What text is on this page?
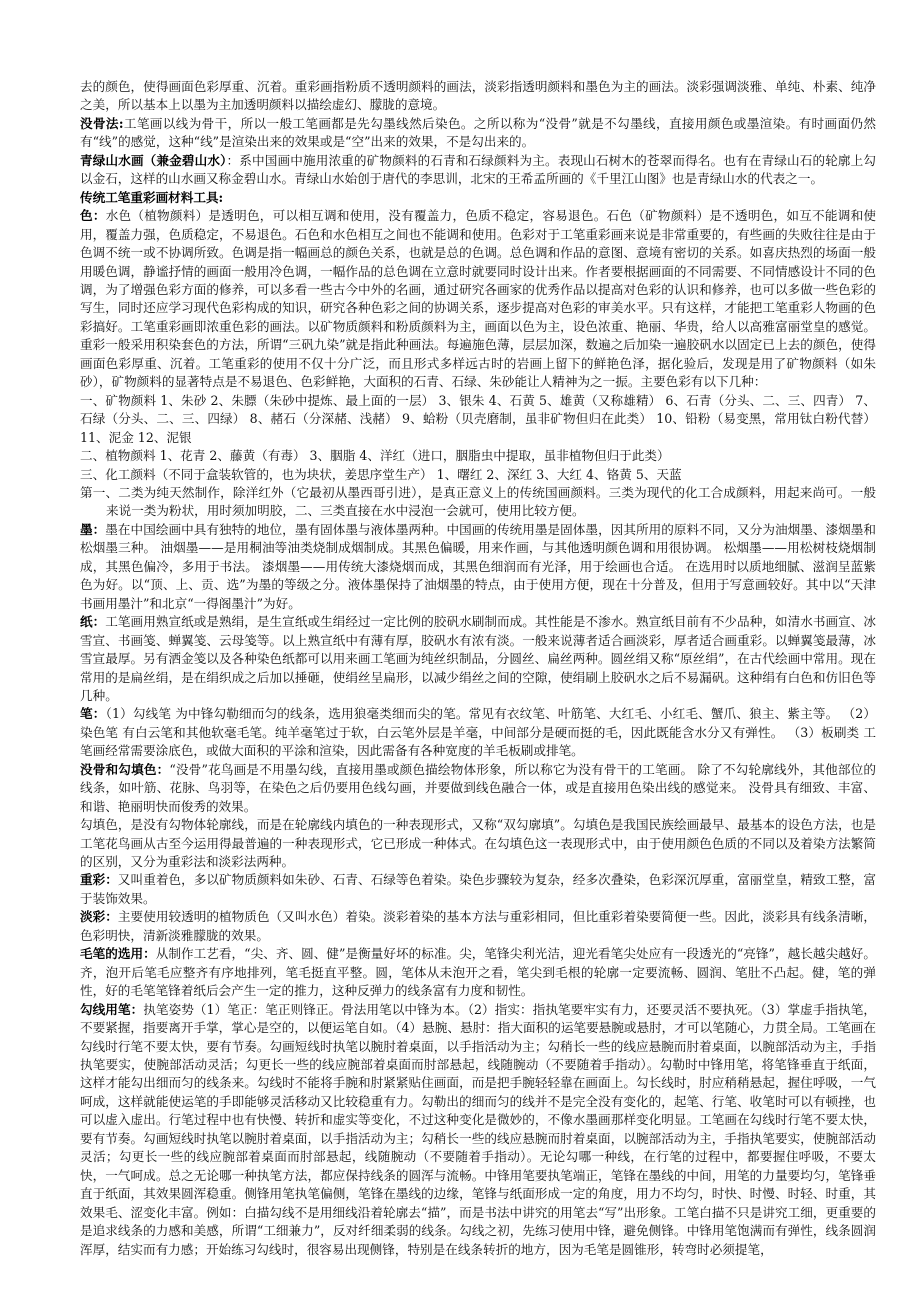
去的颜色，使得画面色彩厚重、沉着。重彩画指粉质不透明颜料的画法，淡彩指透明颜料和墨色为主的画法。淡彩强调淡雅、单纯、朴素、纯净之美，所以基本上以墨为主加透明颜料以描绘虚幻、朦胧的意境。

没骨法:工笔画以线为骨干，所以一般工笔画都是先勾墨线然后染色。之所以称为“没骨”就是不勾墨线，直接用颜色或墨渲染。有时画面仍然有“线”的感觉，这种“线”是渲染出来的效果或是“空”出来的效果，不是勾出来的。

青绿山水画（兼金碧山水）：系中国画中施用浓重的矿物颜料的石青和石绿颜料为主。表现山石树木的苍翠而得名。也有在青绿山石的轮廓上勾以金石，这样的山水画又称金碧山水。青绿山水始创于唐代的李思训，北宋的王希孟所画的《千里江山图》也是青绿山水的代表之一。

传统工笔重彩画材料工具:

色：水色（植物颜料）是透明色，可以相互调和使用，没有覆盖力，色质不稳定，容易退色。石色（矿物颜料）是不透明色，如互不能调和使用，覆盖力强，色质稳定，不易退色。石色和水色相互之间也不能调和使用。色彩对于工笔重彩画来说是非常重要的，有些画的失败往往是由于色调不统一或不协调所致。色调是指一幅画总的颜色关系，也就是总的色调。总色调和作品的意图、意境有密切的关系。如喜庆热烈的场面一般用暖色调，静谧抒情的画面一般用冷色调，一幅作品的总色调在立意时就要同时设计出来。作者要根据画面的不同需要、不同情感设计不同的色调，为了增强色彩方面的修养，可以多看一些古今中外的名画，通过研究各画家的优秀作品以提高对色彩的认识和修养，也可以多做一些色彩的写生，同时还应学习现代色彩构成的知识，研究各种色彩之间的协调关系，逐步提高对色彩的审美水平。只有这样，才能把工笔重彩人物画的色彩搞好。工笔重彩画即浓重色彩的画法。以矿物质颜料和粉质颜料为主，画面以色为主，设色浓重、艳丽、华贵，给人以高雅富丽堂皇的感觉。重彩一般采用积染套色的方法，所谓“三矾九染”就是指此种画法。每遍施色薄，层层加深，数遍之后加染一遍胶矾水以固定已上去的颜色，使得画面色彩厚重、沉着。工笔重彩的使用不仅十分广泛，而且形式多样远古时的岩画上留下的鲜艳色泽，据化验后，发现是用了矿物颜料（如朱砂），矿物颜料的显著特点是不易退色、色彩鲜艳，大面积的石青、石绿、朱砂能让人精神为之一振。主要色彩有以下几种：

一、矿物颜料 1、朱砂 2、朱膘（朱砂中提炼、最上面的一层） 3、银朱 4、石黄 5、雄黄（又称雄精） 6、石青（分头、二、三、四青） 7、石绿（分头、二、三、四绿） 8、赭石（分深赭、浅赭） 9、蛤粉（贝壳磨制，虽非矿物但归在此类） 10、铅粉（易变黑，常用钛白粉代替） 11、泥金 12、泥银

二、植物颜料 1、花青 2、藤黄（有毒） 3、胭脂 4、洋红（进口，胭脂虫中提取，虽非植物但归于此类）

三、化工颜料（不同于盒装软管的，也为块状，姜思序堂生产） 1、曙红 2、深红 3、大红 4、铬黄 5、天蓝

第一、二类为纯天然制作，除洋红外（它最初从墨西哥引进），是真正意义上的传统国画颜料。三类为现代的化工合成颜料，用起来尚可。一般来说一类为粉状，用时须加明胶，二、三类直接在水中浸泡一会就可，使用比较方便。

墨：墨在中国绘画中具有独特的地位，墨有固体墨与液体墨两种。中国画的传统用墨是固体墨，因其所用的原料不同，又分为油烟墨、漆烟墨和松烟墨三种。 油烟墨——是用桐油等油类烧制成烟制成。其黑色偏暖，用来作画，与其他透明颜色调和用很协调。 松烟墨——用松树枝烧烟制成，其黑色偏冷，多用于书法。 漆烟墨——用传统大漆烧烟而成，其黑色细润而有光泽，用于绘画也合适。 在选用时以质地细腻、滋润呈蓝紫色为好。以“顶、上、贡、选”为墨的等级之分。液体墨保持了油烟墨的特点，由于使用方便，现在十分普及，但用于写意画较好。其中以“天津书画用墨汁”和北京“一得阁墨汁”为好。

纸：工笔画用熟宣纸或是熟绢，是生宣纸或生绢经过一定比例的胶矾水刷制而成。其性能是不渗水。熟宣纸目前有不少品种，如清水书画宣、冰雪宣、书画笺、蝉翼笺、云母笺等。以上熟宣纸中有薄有厚，胶矾水有浓有淡。一般来说薄者适合画淡彩，厚者适合画重彩。以蝉翼笺最薄，冰雪宣最厚。另有洒金笺以及各种染色纸都可以用来画工笔画为纯丝织制品，分圆丝、扁丝两种。圆丝绢又称“原丝绢”，在古代绘画中常用。现在常用的是扁丝绢，是在绢织成之后加以捶砸，使绢丝呈扁形，以减少绢丝之间的空隙，使绢刷上胶矾水之后不易漏矾。这种绢有白色和仿旧色等几种。

笔：（1）勾线笔 为中锋勾勒细而匀的线条，选用狼毫类细而尖的笔。常见有衣纹笔、叶筋笔、大红毛、小红毛、蟹爪、狼主、紫主等。 （2）染色笔 有白云笔和其他软毫毛笔。纯羊毫笔过于软，白云笔外层是羊毫，中间部分是硬而挺的毛，因此既能含水分又有弹性。 （3）板刷类 工笔画经常需要涂底色，或做大面积的平涂和渲染，因此需备有各种宽度的羊毛板刷或排笔。

没骨和勾填色：“没骨”花鸟画是不用墨勾线，直接用墨或颜色描绘物体形象，所以称它为没有骨干的工笔画。 除了不勾轮廓线外，其他部位的线条，如叶筋、花脉、鸟羽等，在染色之后仍要用色线勾画，并要做到线色融合一体，或是直接用色染出线的感觉来。 没骨具有细致、丰富、和谐、艳丽明快而俊秀的效果。

勾填色，是没有勾物体轮廓线，而是在轮廓线内填色的一种表现形式，又称“双勾廓填”。勾填色是我国民族绘画最早、最基本的设色方法，也是工笔花鸟画从古至今运用得最普遍的一种表现形式，它已形成一种体式。在勾填色这一表现形式中，由于使用颜色色质的不同以及着染方法繁简的区别，又分为重彩法和淡彩法两种。

重彩：又叫重着色，多以矿物质颜料如朱砂、石青、石绿等色着染。染色步骤较为复杂，经多次叠染，色彩深沉厚重，富丽堂皇，精致工整，富于装饰效果。

淡彩：主要使用较透明的植物质色（又叫水色）着染。淡彩着染的基本方法与重彩相同，但比重彩着染要简便一些。因此，淡彩具有线条清晰，色彩明快，清新淡雅朦胧的效果。

毛笔的选用：从制作工艺看，“尖、齐、圆、健”是衡量好坏的标准。尖，笔锋尖利光洁，迎光看笔尖处应有一段透光的“亮锋”，越长越尖越好。齐，泡开后笔毛应整齐有序地排列，笔毛挺直平整。圆，笔体从未泡开之看，笔尖到毛根的轮廓一定要流畅、圆润、笔肚不凸起。健，笔的弹性，好的毛笔笔锋着纸后会产生一定的推力，这种反弹力的线条富有力度和韧性。

勾线用笔：执笔姿势（1）笔正：笔正则锋正。骨法用笔以中锋为本。（2）指实：指执笔要牢实有力，还要灵活不要执死。（3）掌虚手指执笔，不要紧握，指要离开手掌，掌心是空的，以便运笔自如。（4）悬腕、悬肘：指大面积的运笔要悬腕或悬肘，才可以笔随心，力贯全局。工笔画在勾线时行笔不要太快，要有节奏。勾画短线时执笔以腕肘着桌面，以手指活动为主；勾稍长一些的线应悬腕而肘着桌面，以腕部活动为主，手指执笔要实，使腕部活动灵活；勾更长一些的线应腕部着桌面而肘部悬起，线随腕动（不要随着手指动）。勾勒时中锋用笔，将笔锋垂直于纸面，这样才能勾出细而匀的线条来。勾线时不能将手腕和肘紧紧贴住画面，而是把手腕轻轻靠在画面上。勾长线时，肘应稍稍悬起，握住呼吸，一气呵成，这样就能使运笔的手即能够灵活移动又比较稳重有力。勾勒出的细而匀的线并不是完全没有变化的，起笔、行笔、收笔时可以有顿挫，也可以虚入虚出。行笔过程中也有快慢、转折和虚实等变化，不过这种变化是微妙的，不像水墨画那样变化明显。工笔画在勾线时行笔不要太快，要有节奏。勾画短线时执笔以腕肘着桌面，以手指活动为主；勾稍长一些的线应悬腕而肘着桌面，以腕部活动为主，手指执笔要实，使腕部活动灵活；勾更长一些的线应腕部着桌面而肘部悬起，线随腕动（不要随着手指动）。无论勾哪一种线，在行笔的过程中，都要握住呼吸，不要太快，一气呵成。总之无论哪一种执笔方法，都应保持线条的圆浑与流畅。中锋用笔要执笔端正，笔锋在墨线的中间，用笔的力量要均匀，笔锋垂直于纸面，其效果圆浑稳重。侧锋用笔执笔偏侧，笔锋在墨线的边缘，笔锋与纸面形成一定的角度，用力不均匀，时快、时慢、时轻、时重，其效果毛、涩变化丰富。例如：白描勾线不是用细线沿着轮廓去“描”，而是书法中讲究的用笔去“写”出形象。工笔白描不只是讲究工细，更重要的是追求线条的力感和美感，所谓“工细兼力”，反对纤细柔弱的线条。勾线之初，先练习使用中锋，避免侧锋。中锋用笔饱满而有弹性，线条圆润浑厚，结实而有力感；开始练习勾线时，很容易出现侧锋，特别是在线条转折的地方，因为毛笔是圆锥形，转弯时必须提笔，
